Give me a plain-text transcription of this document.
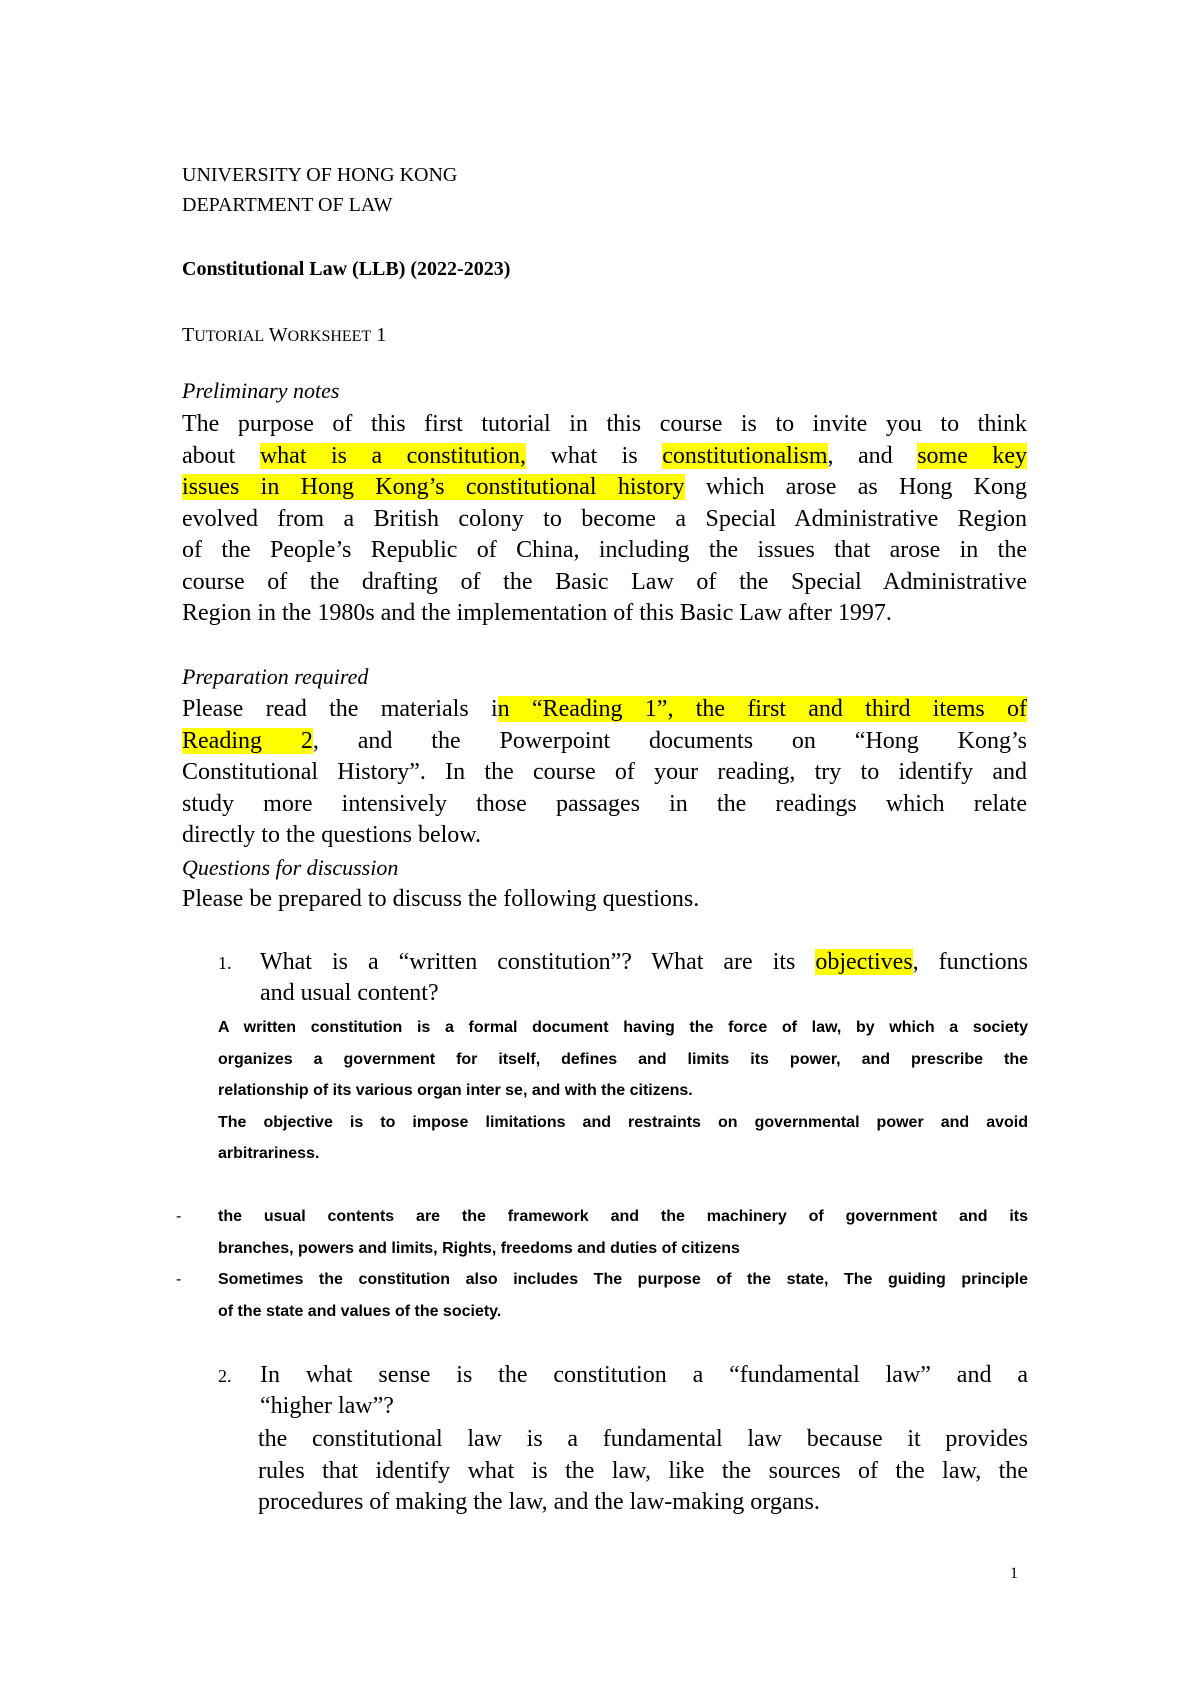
UNIVERSITY OF HONG KONG

DEPARTMENT OF LAW

Constitutional Law (LLB) (2022-2023)
TUTORIAL WORKSHEET 1
Preliminary notes
The purpose of this first tutorial in this course is to invite you to think
about what is a constitution, what is constitutionalism, and some key
issues in Hong Kong’s constitutional history which arose as Hong Kong
evolved from a British colony to become a Special Administrative Region
of the People’s Republic of China, including the issues that arose in the
course of the drafting of the Basic Law of the Special Administrative
Region in the 1980s and the implementation of this Basic Law after 1997.
Preparation required
Please read the materials in “Reading 1”, the first and third items of
Reading 2, and the Powerpoint documents on “Hong Kong’s
Constitutional History”. In the course of your reading, try to identify and
study more intensively those passages in the readings which relate
directly to the questions below.
Questions for discussion
Please be prepared to discuss the following questions.
1. What is a “written constitution”? What are its objectives, functions
and usual content?
A written constitution is a formal document having the force of law, by which a society
organizes a government for itself, defines and limits its power, and prescribe the
relationship of its various organ inter se, and with the citizens.
The objective is to impose limitations and restraints on governmental power and avoid
arbitrariness.
- the usual contents are the framework and the machinery of government and its
branches, powers and limits, Rights, freedoms and duties of citizens
- Sometimes the constitution also includes The purpose of the state, The guiding principle
of the state and values of the society.
2. In what sense is the constitution a “fundamental law” and a
“higher law”?
the constitutional law is a fundamental law because it provides
rules that identify what is the law, like the sources of the law, the
procedures of making the law, and the law-making organs.
1
